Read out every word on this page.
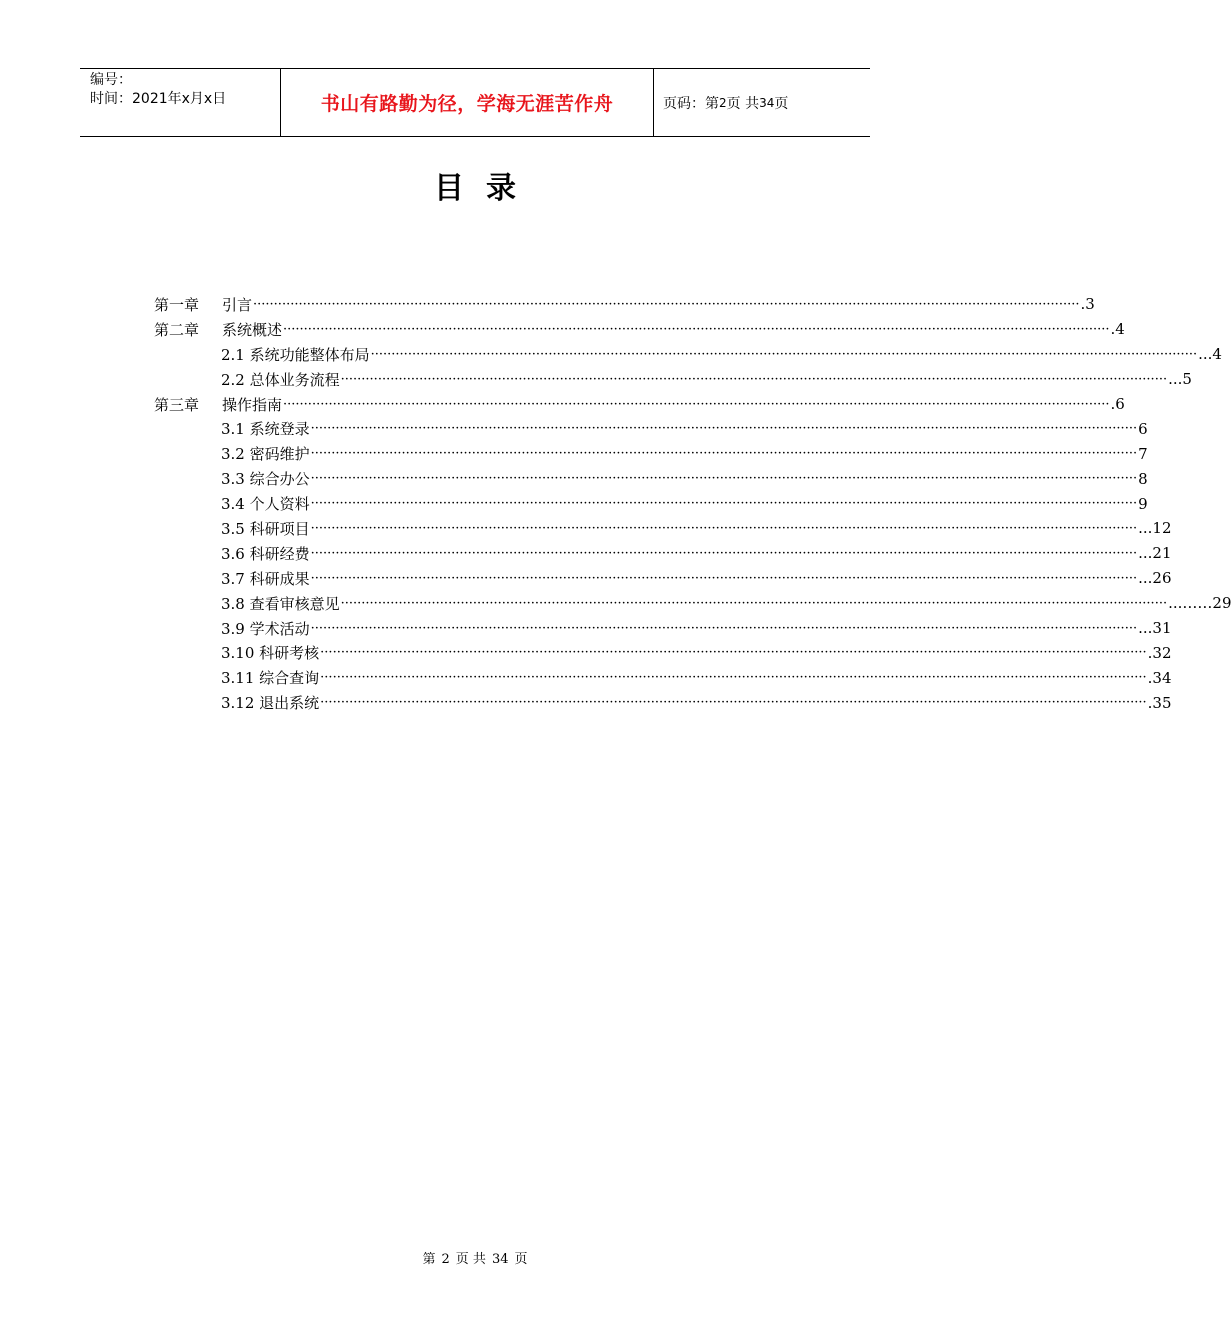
编号：
时间：2021年x月x日	书山有路勤为径，学海无涯苦作舟	页码：第 2 页 共 34 页
目录
第一章	引言 ········································································································································································································ .3
第二章	系统概述 ········································································································································································································ .4
2.1 系统功能整体布局 ········································································································································································································ ...4
2.2 总体业务流程 ········································································································································································································ ...5
第三章	操作指南 ········································································································································································································ .6
3.1 系统登录 ········································································································································································································ 6
3.2 密码维护 ········································································································································································································ 7
3.3 综合办公 ········································································································································································································ 8
3.4 个人资料 ········································································································································································································ 9
3.5 科研项目 ········································································································································································································ ...12
3.6 科研经费 ········································································································································································································ ...21
3.7 科研成果 ········································································································································································································ ...26
3.8 查看审核意见 ········································································································································································································ ...……29
3.9 学术活动 ········································································································································································································ ...31
3.10 科研考核 ········································································································································································································ .32
3.11 综合查询 ········································································································································································································ .34
3.12 退出系统 ········································································································································································································ .35
第 2 页 共 34 页
